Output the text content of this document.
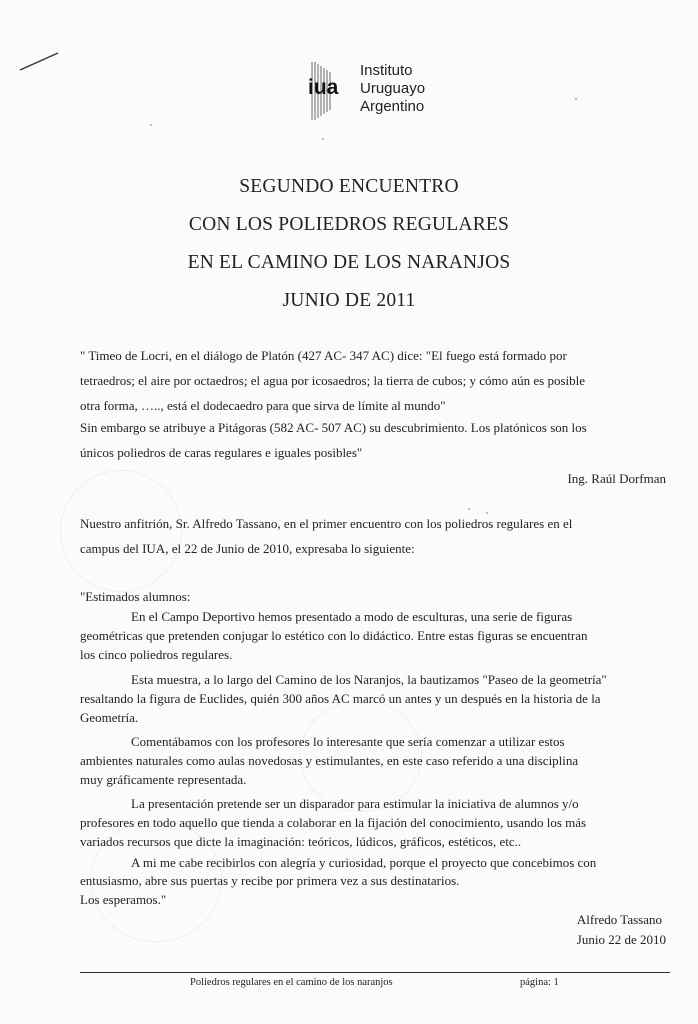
iua
Instituto
Uruguayo
Argentino
SEGUNDO ENCUENTRO
CON LOS POLIEDROS REGULARES
EN EL CAMINO DE LOS NARANJOS
JUNIO DE 2011
" Timeo de Locri, en el diálogo de Platón (427 AC- 347 AC) dice: "El fuego está formado por
tetraedros; el aire por octaedros; el agua por icosaedros; la tierra de cubos; y cómo aún es posible
otra forma, ….., está el dodecaedro para que sirva de límite al mundo"
Sin embargo se atribuye a Pitágoras (582 AC- 507 AC) su descubrimiento. Los platónicos son los
únicos poliedros de caras regulares e iguales posibles"
Ing. Raúl Dorfman
Nuestro anfitrión, Sr. Alfredo Tassano, en el primer encuentro con los poliedros regulares en el
campus del IUA, el 22 de Junio de 2010, expresaba lo siguiente:
"Estimados alumnos:
En el Campo Deportivo hemos presentado a modo de esculturas, una serie de figuras
geométricas que pretenden conjugar lo estético con lo didáctico. Entre estas figuras se encuentran
los cinco poliedros regulares.
Esta muestra, a lo largo del Camino de los Naranjos, la bautizamos "Paseo de la geometría"
resaltando la figura de Euclides, quién 300 años AC marcó un antes y un después en la historia de la
Geometría.
Comentábamos con los profesores lo interesante que sería comenzar a utilizar estos
ambientes naturales como aulas novedosas y estimulantes, en este caso referido a una disciplina
muy gráficamente representada.
La presentación pretende ser un disparador para estimular la iniciativa de alumnos y/o
profesores en todo aquello que tienda a colaborar en la fijación del conocimiento, usando los más
variados recursos que dicte la imaginación: teóricos, lúdicos, gráficos, estéticos, etc..
A mi me cabe recibirlos con alegría y curiosidad, porque el proyecto que concebimos con
entusiasmo, abre sus puertas y recibe por primera vez a sus destinatarios.
Los esperamos."
Alfredo Tassano
Junio 22 de 2010
Poliedros regulares en el camino de los naranjos	página: 1
